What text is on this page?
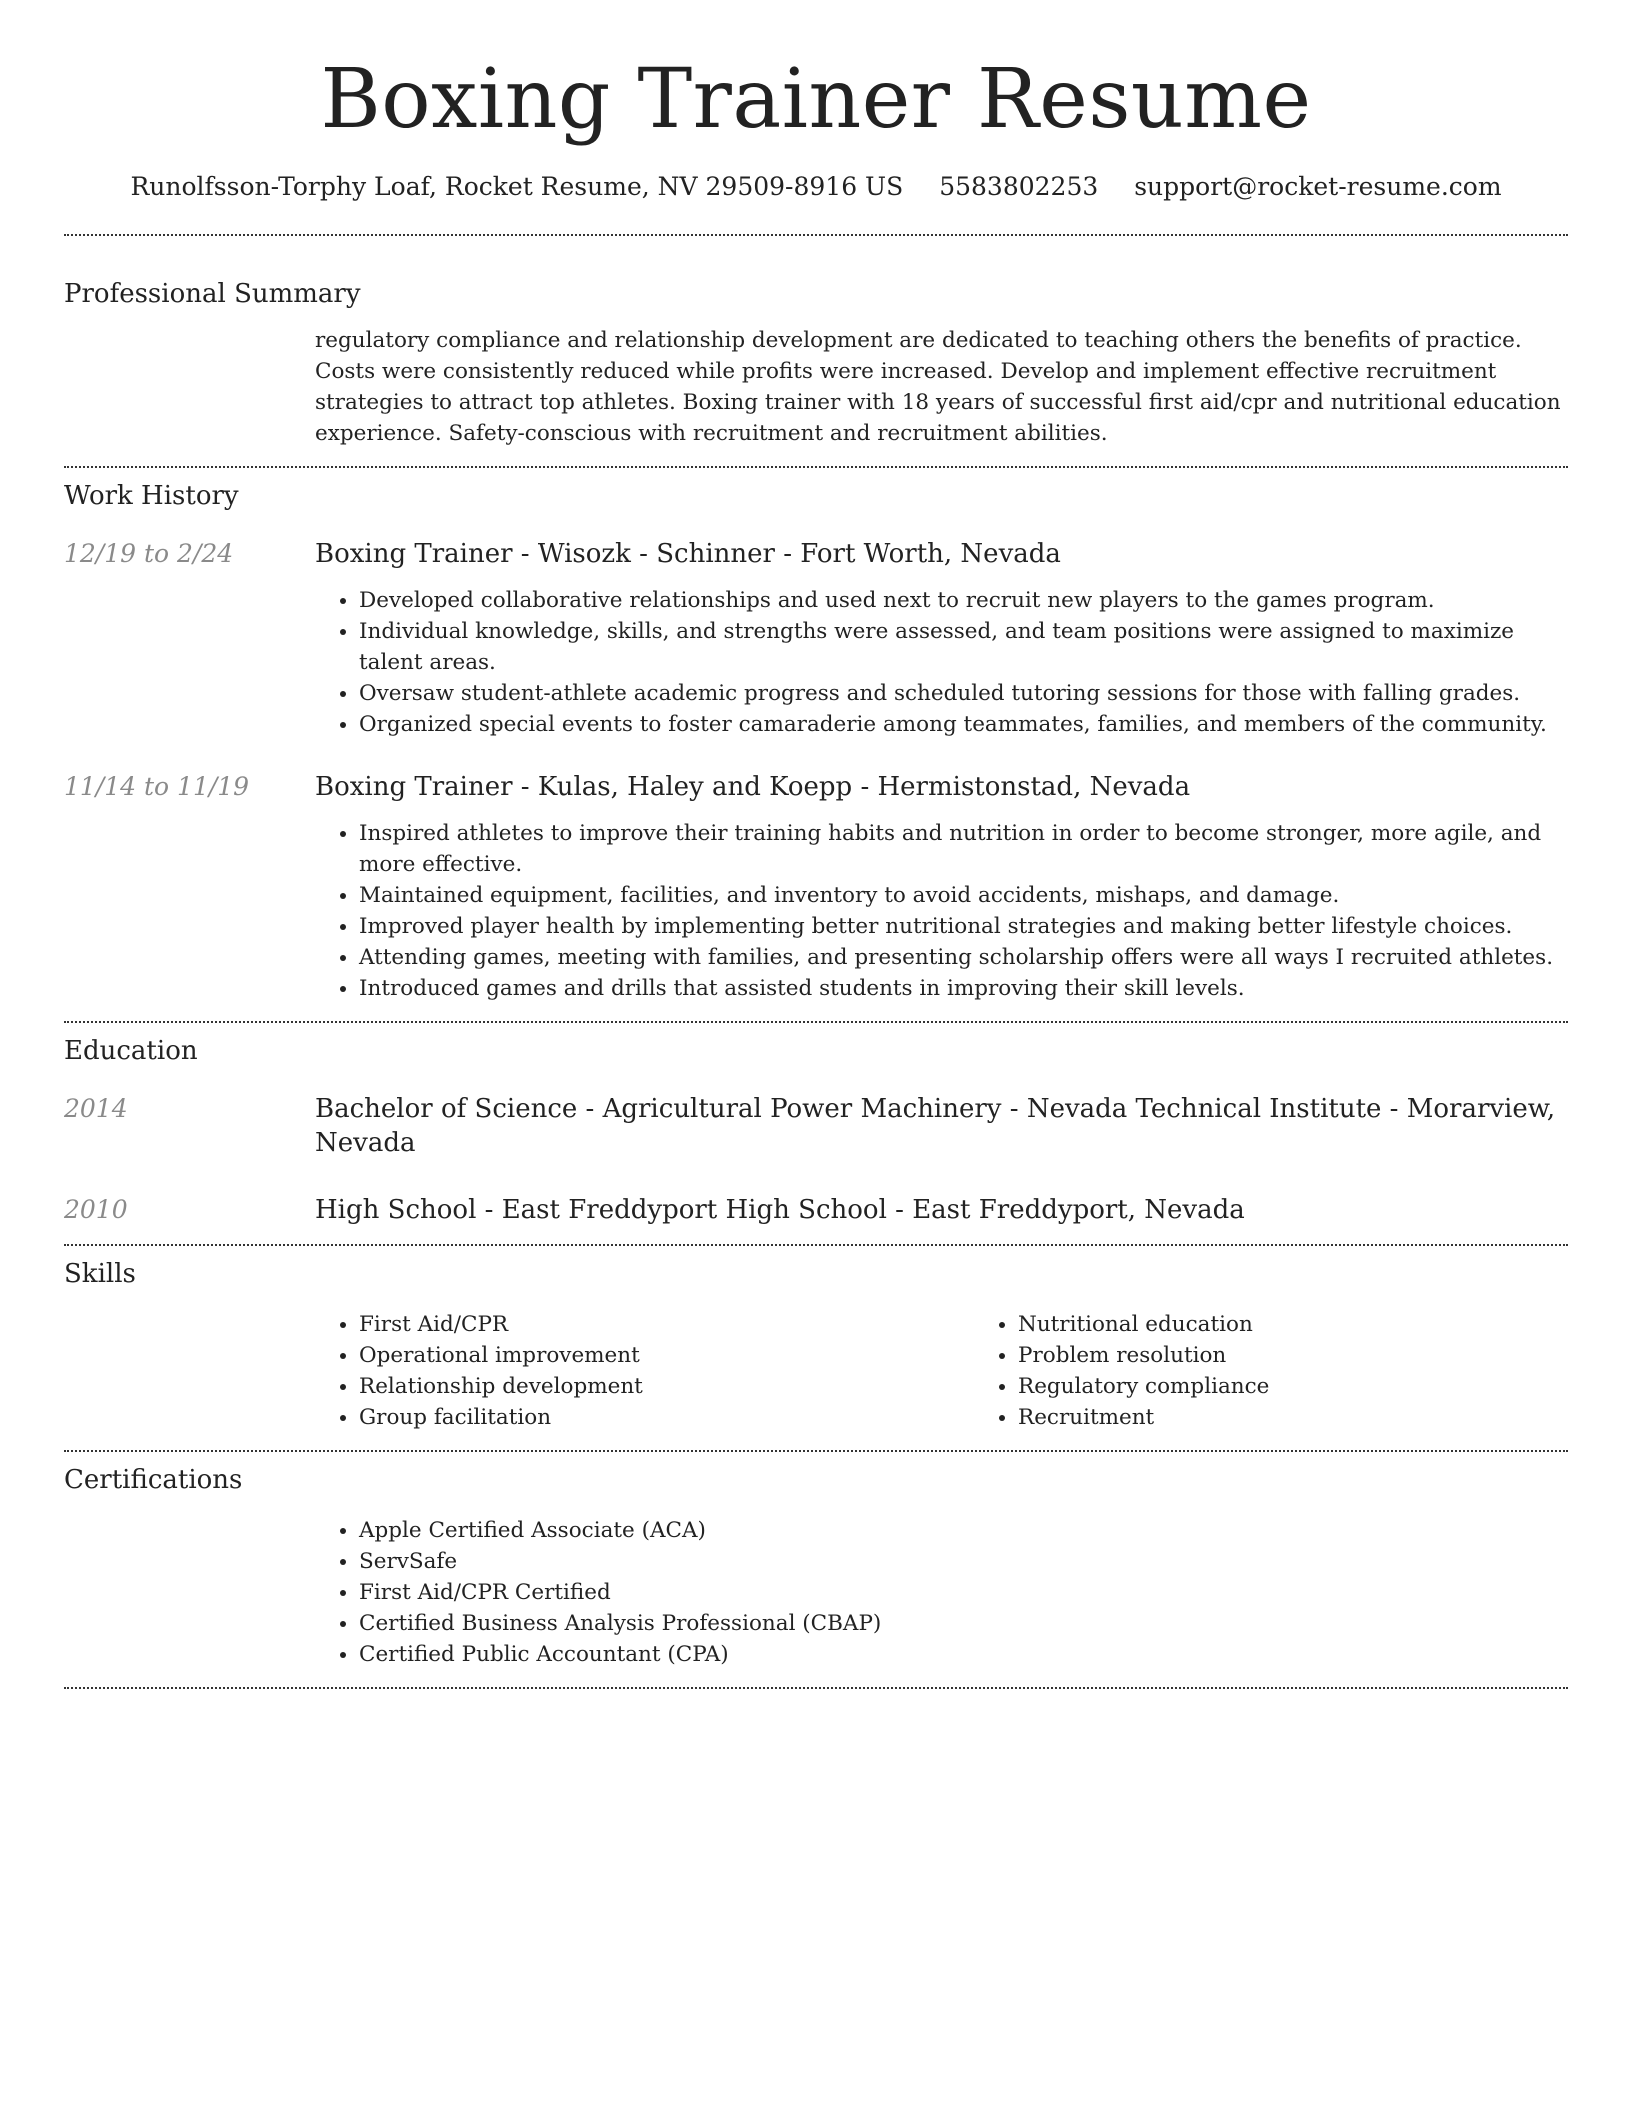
Boxing Trainer Resume
Runolfsson-Torphy Loaf, Rocket Resume, NV 29509-8916 US 5583802253 support@rocket-resume.com
Professional Summary
regulatory compliance and relationship development are dedicated to teaching others the benefits of practice. Costs were consistently reduced while profits were increased. Develop and implement effective recruitment strategies to attract top athletes. Boxing trainer with 18 years of successful first aid/cpr and nutritional education experience. Safety-conscious with recruitment and recruitment abilities.
Work History
12/19 to 2/24	Boxing Trainer - Wisozk - Schinner - Fort Worth, Nevada
• Developed collaborative relationships and used next to recruit new players to the games program.
• Individual knowledge, skills, and strengths were assessed, and team positions were assigned to maximize talent areas.
• Oversaw student-athlete academic progress and scheduled tutoring sessions for those with falling grades.
• Organized special events to foster camaraderie among teammates, families, and members of the community.
11/14 to 11/19	Boxing Trainer - Kulas, Haley and Koepp - Hermistonstad, Nevada
• Inspired athletes to improve their training habits and nutrition in order to become stronger, more agile, and more effective.
• Maintained equipment, facilities, and inventory to avoid accidents, mishaps, and damage.
• Improved player health by implementing better nutritional strategies and making better lifestyle choices.
• Attending games, meeting with families, and presenting scholarship offers were all ways I recruited athletes.
• Introduced games and drills that assisted students in improving their skill levels.
Education
2014	Bachelor of Science - Agricultural Power Machinery - Nevada Technical Institute - Morarview, Nevada
2010	High School - East Freddyport High School - East Freddyport, Nevada
Skills
• First Aid/CPR
• Operational improvement
• Relationship development
• Group facilitation
• Nutritional education
• Problem resolution
• Regulatory compliance
• Recruitment
Certifications
• Apple Certified Associate (ACA)
• ServSafe
• First Aid/CPR Certified
• Certified Business Analysis Professional (CBAP)
• Certified Public Accountant (CPA)
